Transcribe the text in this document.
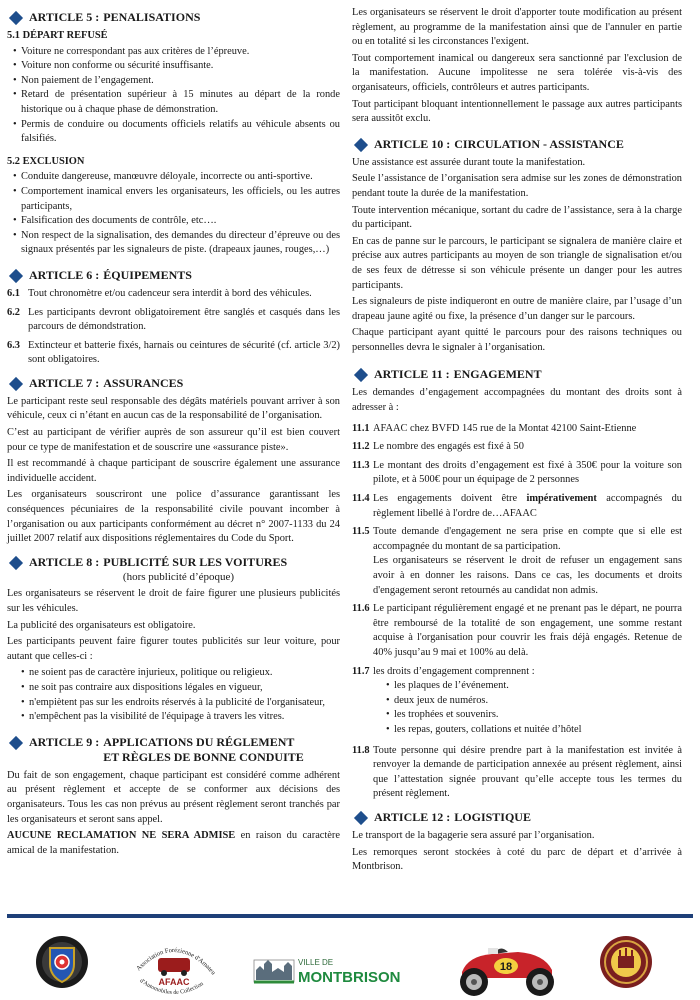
ARTICLE 5 : PENALISATIONS
5.1 DÉPART REFUSÉ
• Voiture ne correspondant pas aux critères de l’épreuve.
• Voiture non conforme ou sécurité insuffisante.
• Non paiement de l’engagement.
• Retard de présentation supérieur à 15 minutes au départ de la ronde historique ou à chaque phase de démonstration.
• Permis de conduire ou documents officiels relatifs au véhicule absents ou falsifiés.
5.2 EXCLUSION
• Conduite dangereuse, manœuvre déloyale, incorrecte ou anti-sportive.
• Comportement inamical envers les organisateurs, les officiels, ou les autres participants,
• Falsification des documents de contrôle, etc….
• Non respect de la signalisation, des demandes du directeur d’épreuve ou des signaux présentés par les signaleurs de piste. (drapeaux jaunes, rouges,…)
ARTICLE 6 : ÉQUIPEMENTS
6.1 Tout chronomètre et/ou cadenceur sera interdit à bord des véhicules.
6.2 Les participants devront obligatoirement être sanglés et casqués dans les parcours de démondstration.
6.3 Extincteur et batterie fixés, harnais ou ceintures de sécurité (cf. article 3/2) sont obligatoires.
ARTICLE 7 : ASSURANCES

Le participant reste seul responsable des dégâts matériels pouvant arriver à son véhicule, ceux ci n’étant en aucun cas de la responsabilité de l’organisation.

C’est au participant de vérifier auprès de son assureur qu’il est bien couvert pour ce type de manifestation et de souscrire une «assurance piste».

Il est recommandé à chaque participant de souscrire également une assurance individuelle accident.

Les organisateurs souscriront une police d’assurance garantissant les conséquences pécuniaires de la responsabilité civile pouvant incomber à l’organisation ou aux participants conformément au décret n° 2007-1133 du 24 juillet 2007 relatif aux dispositions réglementaires du Code du Sport.

ARTICLE 8 : PUBLICITÉ SUR LES VOITURES
(hors publicité d’époque)

Les organisateurs se réservent le droit de faire figurer une plusieurs publicités sur les véhicules.

La publicité des organisateurs est obligatoire.

Les participants peuvent faire figurer toutes publicités sur leur voiture, pour autant que celles-ci :

• ne soient pas de caractère injurieux, politique ou religieux.
• ne soit pas contraire aux dispositions légales en vigueur,
• n'empiètent pas sur les endroits réservés à la publicité de l'organisateur,
• n'empêchent pas la visibilité de l'équipage à travers les vitres.
ARTICLE 9 : APPLICATIONS DU RÉGLEMENT
ET RÈGLES DE BONNE CONDUITE

Du fait de son engagement, chaque participant est considéré comme adhérent au présent règlement et accepte de se conformer aux décisions des organisateurs. Tous les cas non prévus au présent règlement seront tranchés par les organisateurs et seront sans appel.

AUCUNE RECLAMATION NE SERA ADMISE en raison du caractère amical de la manifestation.

Les organisateurs se réservent le droit d'apporter toute modification au présent règlement, au programme de la manifestation ainsi que de l'annuler en partie ou en totalité si les circonstances l'exigent.

Tout comportement inamical ou dangereux sera sanctionné par l'exclusion de la manifestation. Aucune impolitesse ne sera tolérée vis-à-vis des organisateurs, officiels, contrôleurs et autres participants.

Tout participant bloquant intentionnellement le passage aux autres participants sera aussitôt exclu.

ARTICLE 10 : CIRCULATION - ASSISTANCE

Une assistance est assurée durant toute la manifestation.

Seule l’assistance de l’organisation sera admise sur les zones de démonstration pendant toute la durée de la manifestation.

Toute intervention mécanique, sortant du cadre de l’assistance, sera à la charge du participant.

En cas de panne sur le parcours, le participant se signalera de manière claire et précise aux autres participants au moyen de son triangle de signalisation et/ou de ses feux de détresse si son véhicule présente un danger pour les autres participants.

Les signaleurs de piste indiqueront en outre de manière claire, par l’usage d’un drapeau jaune agité ou fixe, la présence d’un danger sur le parcours.

Chaque participant ayant quitté le parcours pour des raisons techniques ou personnelles devra le signaler à l’organisation.

ARTICLE 11 : ENGAGEMENT

Les demandes d’engagement accompagnées du montant des droits sont à adresser à :

11.1 AFAAC chez BVFD 145 rue de la Montat 42100 Saint-Etienne
11.2 Le nombre des engagés est fixé à 50
11.3 Le montant des droits d’engagement est fixé à 350€ pour la voiture son pilote, et à 500€ pour un équipage de 2 personnes
11.4 Les engagements doivent être impérativement accompagnés du règlement libellé à l'ordre de…AFAAC
11.5 Toute demande d'engagement ne sera prise en compte que si elle est accompagnée du montant de sa participation.

Les organisateurs se réservent le droit de refuser un engagement sans avoir à en donner les raisons. Dans ce cas, les documents et droits d'engagement seront retournés au candidat non admis.

11.6 Le participant régulièrement engagé et ne prenant pas le départ, ne pourra être remboursé de la totalité de son engagement, une somme restant acquise à l'organisation pour couvrir les frais déjà engagés. Retenue de 40% jusqu’au 9 mai et 100% au delà.
11.7 les droits d’engagement comprennent :
• les plaques de l’événement.
• deux jeux de numéros.
• les trophées et souvenirs.
• les repas, gouters, collations et nuitée d’hôtel
11.8 Toute personne qui désire prendre part à la manifestation est invitée à renvoyer la demande de participation annexée au présent règlement, ainsi que l’attestation signée prouvant qu’elle accepte tous les termes du présent règlement.
ARTICLE 12 : LOGISTIQUE

Le transport de la bagagerie sera assuré par l’organisation.

Les remorques seront stockées à coté du parc de départ et d’arrivée à Montbrison.

Association Forézienne d'Amateu
AFAAC
d'Automobiles de Collection
VILLE DE
MONTBRISON
18
